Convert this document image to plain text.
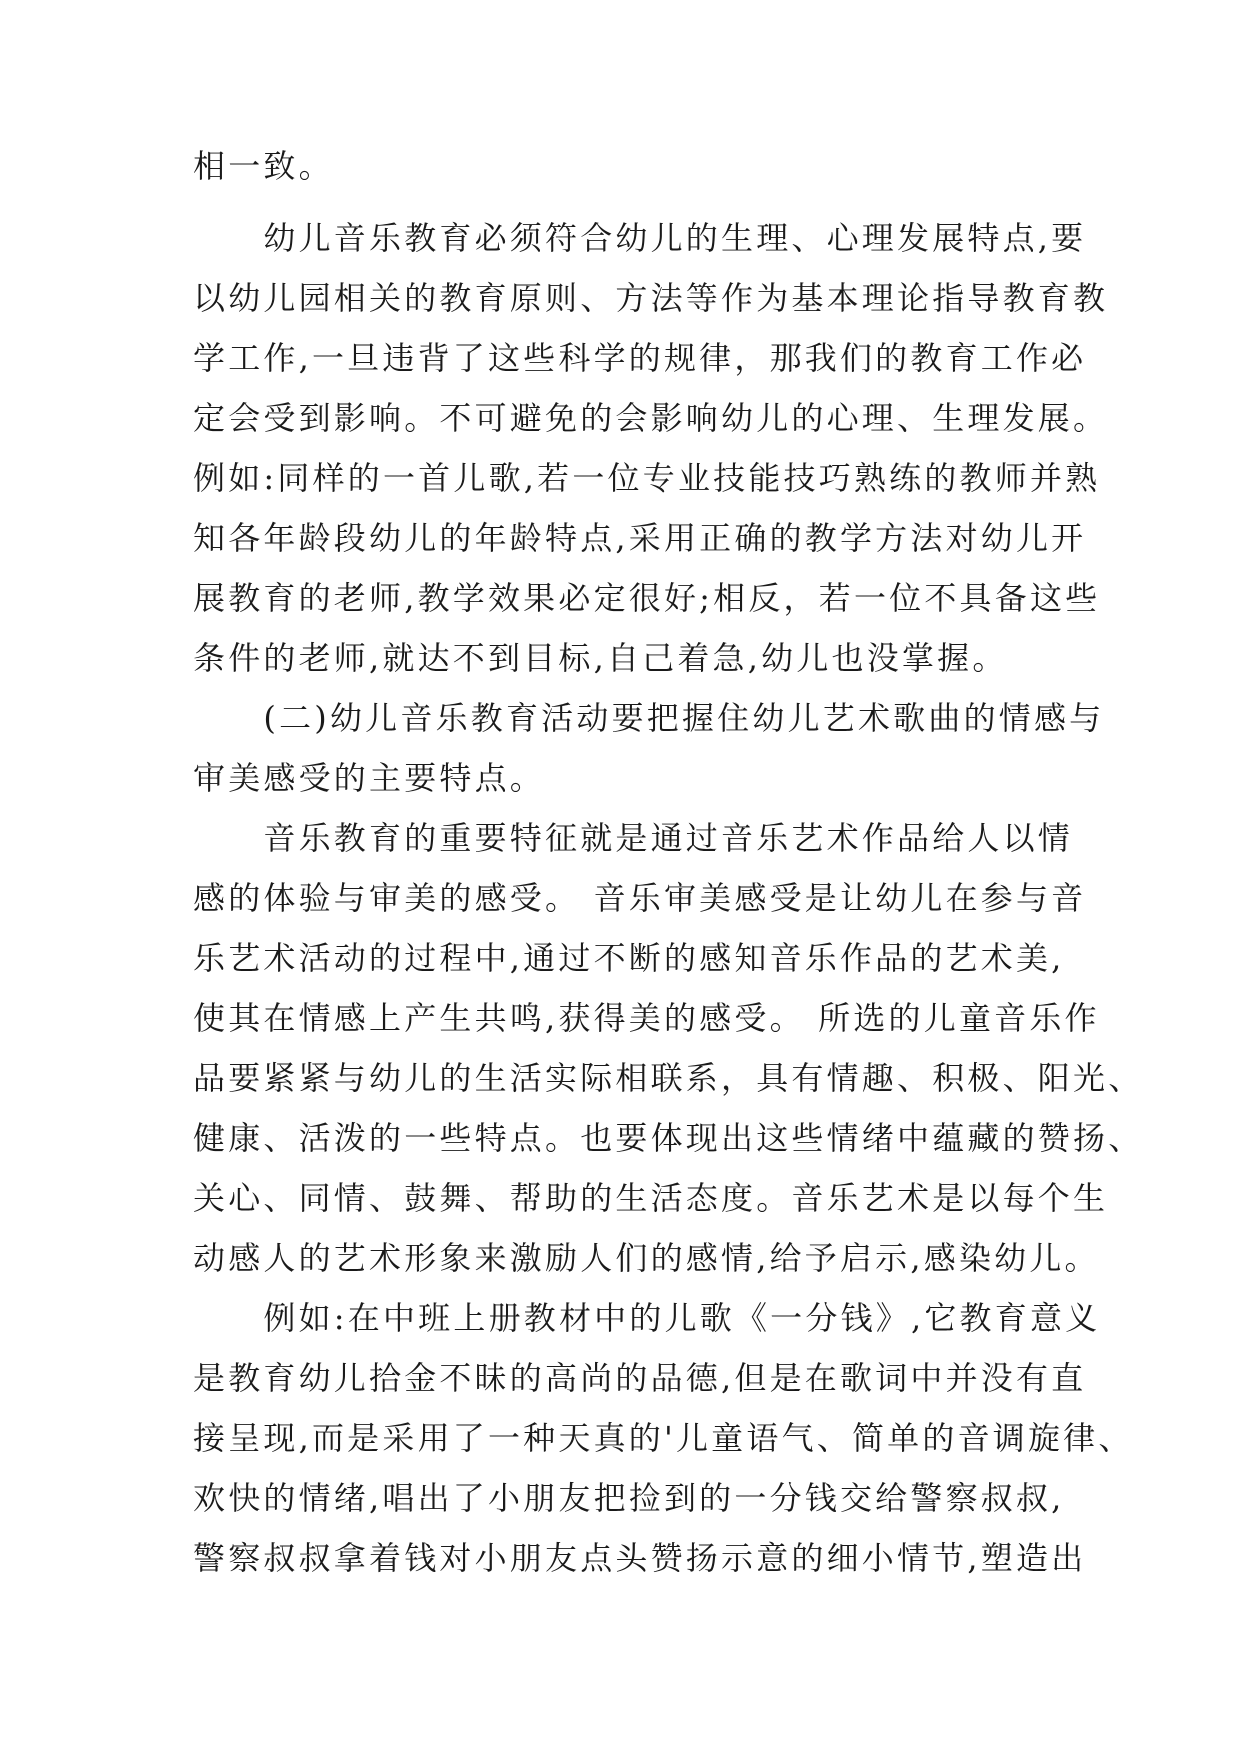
相一致。
　　幼儿音乐教育必须符合幼儿的生理、心理发展特点,要
以幼儿园相关的教育原则、方法等作为基本理论指导教育教
学工作,一旦违背了这些科学的规律，那我们的教育工作必
定会受到影响。不可避免的会影响幼儿的心理、生理发展。
例如:同样的一首儿歌,若一位专业技能技巧熟练的教师并熟
知各年龄段幼儿的年龄特点,采用正确的教学方法对幼儿开
展教育的老师,教学效果必定很好;相反，若一位不具备这些
条件的老师,就达不到目标,自己着急,幼儿也没掌握。
　　(二)幼儿音乐教育活动要把握住幼儿艺术歌曲的情感与
审美感受的主要特点。
　　音乐教育的重要特征就是通过音乐艺术作品给人以情
感的体验与审美的感受。 音乐审美感受是让幼儿在参与音
乐艺术活动的过程中,通过不断的感知音乐作品的艺术美,
使其在情感上产生共鸣,获得美的感受。 所选的儿童音乐作
品要紧紧与幼儿的生活实际相联系，具有情趣、积极、阳光、
健康、活泼的一些特点。也要体现出这些情绪中蕴藏的赞扬、
关心、同情、鼓舞、帮助的生活态度。音乐艺术是以每个生
动感人的艺术形象来激励人们的感情,给予启示,感染幼儿。
　　例如:在中班上册教材中的儿歌《一分钱》,它教育意义
是教育幼儿拾金不昧的高尚的品德,但是在歌词中并没有直
接呈现,而是采用了一种天真的'儿童语气、简单的音调旋律、
欢快的情绪,唱出了小朋友把捡到的一分钱交给警察叔叔,
警察叔叔拿着钱对小朋友点头赞扬示意的细小情节,塑造出
